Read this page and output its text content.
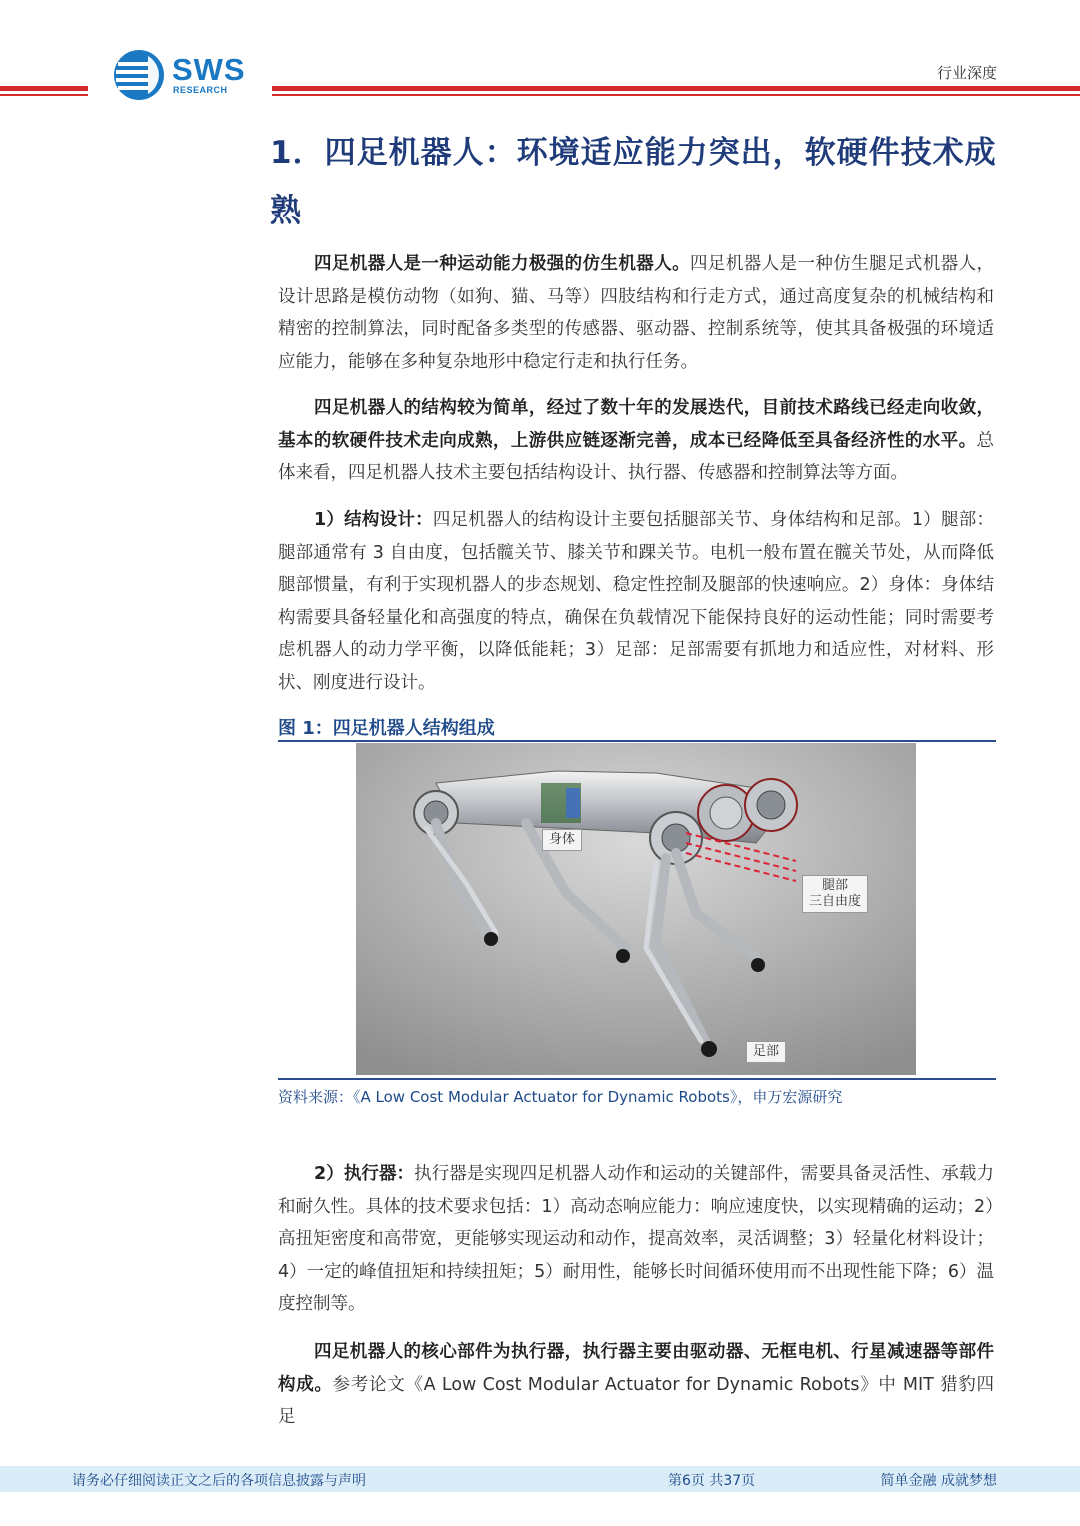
SWS
RESEARCH
行业深度
1．四足机器人：环境适应能力突出，软硬件技术成熟
四足机器人是一种运动能力极强的仿生机器人。四足机器人是一种仿生腿足式机器人，设计思路是模仿动物（如狗、猫、马等）四肢结构和行走方式，通过高度复杂的机械结构和精密的控制算法，同时配备多类型的传感器、驱动器、控制系统等，使其具备极强的环境适应能力，能够在多种复杂地形中稳定行走和执行任务。
四足机器人的结构较为简单，经过了数十年的发展迭代，目前技术路线已经走向收敛，基本的软硬件技术走向成熟，上游供应链逐渐完善，成本已经降低至具备经济性的水平。总体来看，四足机器人技术主要包括结构设计、执行器、传感器和控制算法等方面。
1）结构设计：四足机器人的结构设计主要包括腿部关节、身体结构和足部。1）腿部：腿部通常有 3 自由度，包括髋关节、膝关节和踝关节。电机一般布置在髋关节处，从而降低腿部惯量，有利于实现机器人的步态规划、稳定性控制及腿部的快速响应。2）身体：身体结构需要具备轻量化和高强度的特点，确保在负载情况下能保持良好的运动性能；同时需要考虑机器人的动力学平衡，以降低能耗；3）足部：足部需要有抓地力和适应性，对材料、形状、刚度进行设计。
图 1：四足机器人结构组成
身体
腿部
三自由度
足部
资料来源：《A Low Cost Modular Actuator for Dynamic Robots》，申万宏源研究
2）执行器：执行器是实现四足机器人动作和运动的关键部件，需要具备灵活性、承载力和耐久性。具体的技术要求包括：1）高动态响应能力：响应速度快，以实现精确的运动；2）高扭矩密度和高带宽，更能够实现运动和动作，提高效率，灵活调整；3）轻量化材料设计；4）一定的峰值扭矩和持续扭矩；5）耐用性，能够长时间循环使用而不出现性能下降；6）温度控制等。
四足机器人的核心部件为执行器，执行器主要由驱动器、无框电机、行星减速器等部件构成。参考论文《A Low Cost Modular Actuator for Dynamic Robots》中 MIT 猎豹四足
请务必仔细阅读正文之后的各项信息披露与声明	第6页 共37页	简单金融 成就梦想
